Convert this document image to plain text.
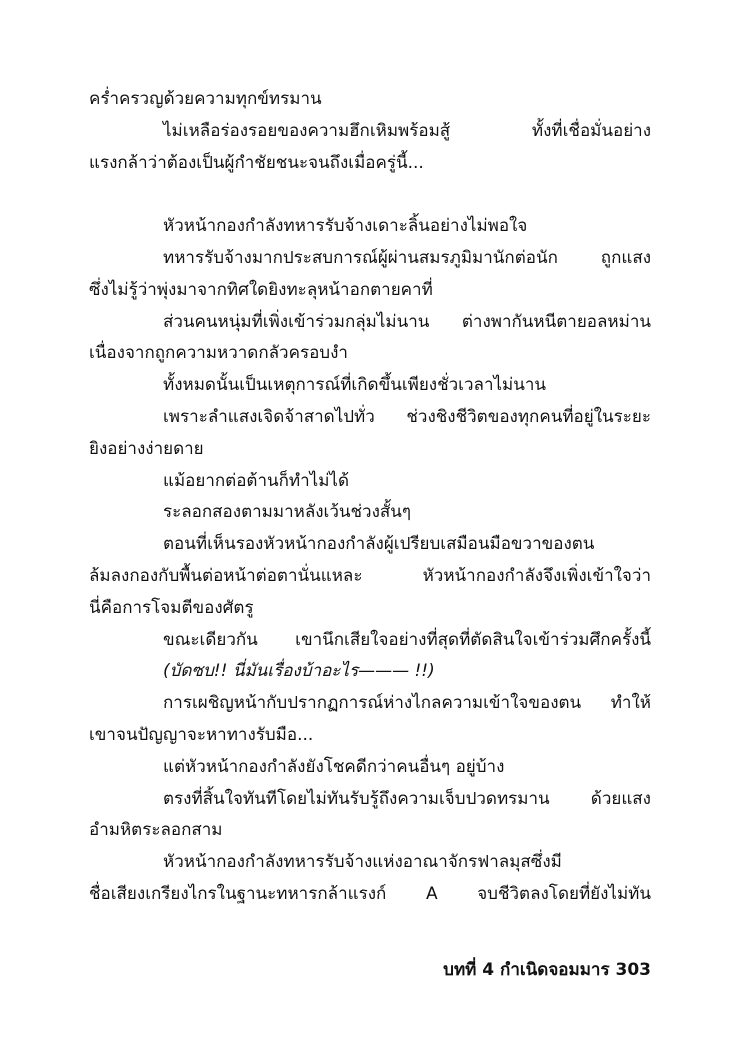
คร่ำครวญด้วยความทุกข์ทรมาน
ไม่เหลือร่องรอยของความฮึกเหิมพร้อมสู้ ทั้งที่เชื่อมั่นอย่าง
แรงกล้าว่าต้องเป็นผู้กำชัยชนะจนถึงเมื่อครู่นี้...
หัวหน้ากองกำลังทหารรับจ้างเดาะลิ้นอย่างไม่พอใจ
ทหารรับจ้างมากประสบการณ์ผู้ผ่านสมรภูมิมานักต่อนัก ถูกแสง
ซึ่งไม่รู้ว่าพุ่งมาจากทิศใดยิงทะลุหน้าอกตายคาที่
ส่วนคนหนุ่มที่เพิ่งเข้าร่วมกลุ่มไม่นาน ต่างพากันหนีตายอลหม่าน
เนื่องจากถูกความหวาดกลัวครอบงำ
ทั้งหมดนั้นเป็นเหตุการณ์ที่เกิดขึ้นเพียงชั่วเวลาไม่นาน
เพราะลำแสงเจิดจ้าสาดไปทั่ว ช่วงชิงชีวิตของทุกคนที่อยู่ในระยะ
ยิงอย่างง่ายดาย
แม้อยากต่อต้านก็ทำไม่ได้
ระลอกสองตามมาหลังเว้นช่วงสั้นๆ
ตอนที่เห็นรองหัวหน้ากองกำลังผู้เปรียบเสมือนมือขวาของตน
ล้มลงกองกับพื้นต่อหน้าต่อตานั่นแหละ หัวหน้ากองกำลังจึงเพิ่งเข้าใจว่า
นี่คือการโจมตีของศัตรู
ขณะเดียวกัน เขานึกเสียใจอย่างที่สุดที่ตัดสินใจเข้าร่วมศึกครั้งนี้
(บัดซบ!! นี่มันเรื่องบ้าอะไร——— !!)
การเผชิญหน้ากับปรากฏการณ์ห่างไกลความเข้าใจของตน ทำให้
เขาจนปัญญาจะหาทางรับมือ...
แต่หัวหน้ากองกำลังยังโชคดีกว่าคนอื่นๆ อยู่บ้าง
ตรงที่สิ้นใจทันทีโดยไม่ทันรับรู้ถึงความเจ็บปวดทรมาน ด้วยแสง
อำมหิตระลอกสาม
หัวหน้ากองกำลังทหารรับจ้างแห่งอาณาจักรฟาลมุสซึ่งมี
ชื่อเสียงเกรียงไกรในฐานะทหารกล้าแรงก์ A จบชีวิตลงโดยที่ยังไม่ทัน
บทที่ 4 กำเนิดจอมมาร 303
